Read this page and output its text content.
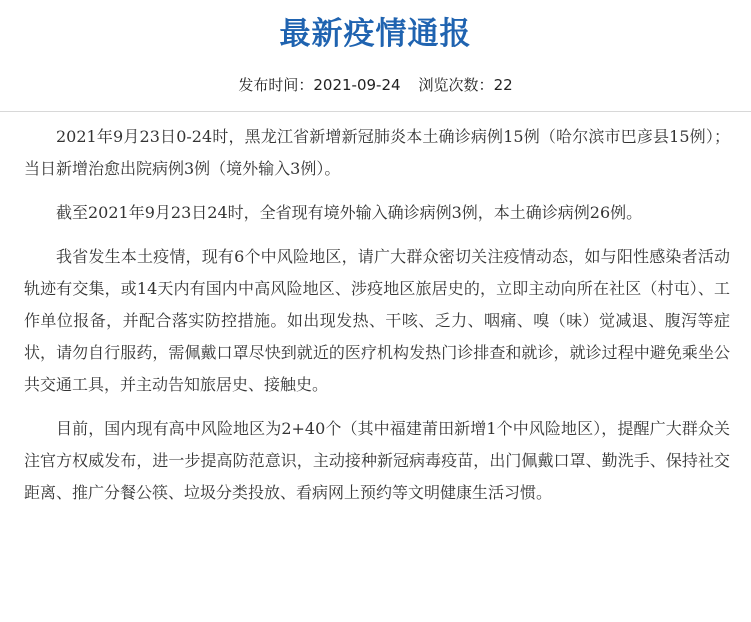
最新疫情通报
发布时间：2021-09-24 浏览次数：22

2021年9月23日0-24时，黑龙江省新增新冠肺炎本土确诊病例15例（哈尔滨市巴彦县15例）；当日新增治愈出院病例3例（境外输入3例）。

截至2021年9月23日24时，全省现有境外输入确诊病例3例，本土确诊病例26例。

我省发生本土疫情，现有6个中风险地区，请广大群众密切关注疫情动态，如与阳性感染者活动轨迹有交集，或14天内有国内中高风险地区、涉疫地区旅居史的，立即主动向所在社区（村屯）、工作单位报备，并配合落实防控措施。如出现发热、干咳、乏力、咽痛、嗅（味）觉减退、腹泻等症状，请勿自行服药，需佩戴口罩尽快到就近的医疗机构发热门诊排查和就诊，就诊过程中避免乘坐公共交通工具，并主动告知旅居史、接触史。

目前，国内现有高中风险地区为2+40个（其中福建莆田新增1个中风险地区），提醒广大群众关注官方权威发布，进一步提高防范意识，主动接种新冠病毒疫苗，出门佩戴口罩、勤洗手、保持社交距离、推广分餐公筷、垃圾分类投放、看病网上预约等文明健康生活习惯。
